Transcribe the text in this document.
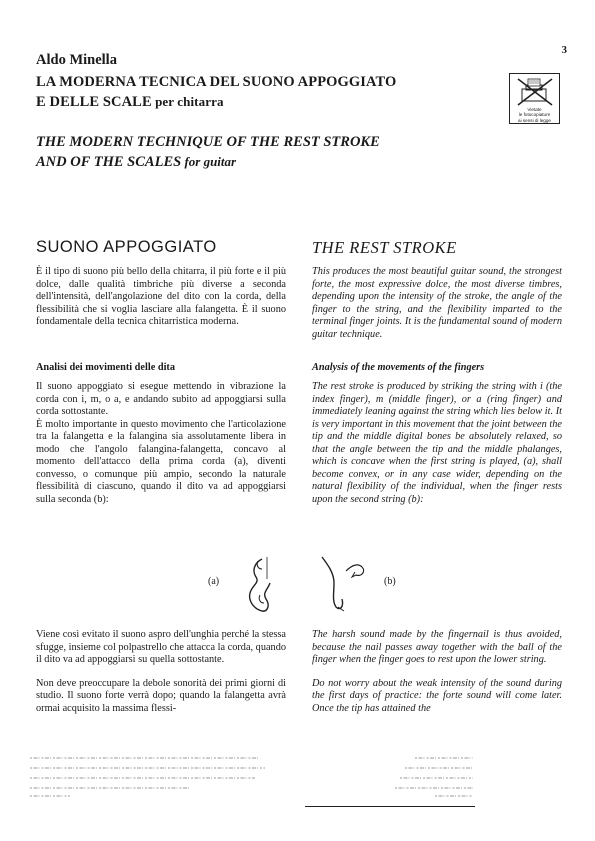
3
Aldo Minella
LA MODERNA TECNICA DEL SUONO APPOGGIATO
E DELLE SCALE per chitarra
THE MODERN TECHNIQUE OF THE REST STROKE
AND OF THE SCALES for guitar
Vietate
le fotocopiature
ai sensi di legge
SUONO APPOGGIATO	THE REST STROKE

È il tipo di suono più bello della chitarra, il più forte e il più dolce, dalle qualità timbriche più diverse a seconda dell'intensità, dell'angolazione del dito con la corda, della flessibilità che si voglia lasciare alla falangetta. È il suono fondamentale della tecnica chitarristica moderna.

Analisi dei movimenti delle dita

Il suono appoggiato si esegue mettendo in vibrazione la corda con i, m, o a, e andando subito ad appoggiarsi sulla corda sottostante.

È molto importante in questo movimento che l'articolazione tra la falangetta e la falangina sia assolutamente libera in modo che l'angolo falangina-falangetta, concavo al momento dell'attacco della prima corda (a), diventi convesso, o comunque più ampio, secondo la naturale flessibilità di ciascuno, quando il dito va ad appoggiarsi sulla seconda (b):

This produces the most beautiful guitar sound, the strongest forte, the most expressive dolce, the most diverse timbres, depending upon the intensity of the stroke, the angle of the finger to the string, and the flexibility imparted to the terminal finger joints. It is the fundamental sound of modern guitar technique.

Analysis of the movements of the fingers

The rest stroke is produced by striking the string with i (the index finger), m (middle finger), or a (ring finger) and immediately leaning against the string which lies below it. It is very important in this movement that the joint between the tip and the middle digital bones be absolutely relaxed, so that the angle between the tip and the middle phalanges, which is concave when the first string is played, (a), shall become convex, or in any case wider, depending on the natural flexibility of the individual, when the finger rests upon the second string (b):

(a)	(b)

Viene così evitato il suono aspro dell'unghia perché la stessa sfugge, insieme col polpastrello che attacca la corda, quando il dito va ad appoggiarsi su quella sottostante.

Non deve preoccupare la debole sonorità dei primi giorni di studio. Il suono forte verrà dopo; quando la falangetta avrà ormai acquisito la massima flessi-

The harsh sound made by the fingernail is thus avoided, because the nail passes away together with the ball of the finger when the finger goes to rest upon the lower string.

Do not worry about the weak intensity of the sound during the first days of practice: the forte sound will come later. Once the tip has attained the
